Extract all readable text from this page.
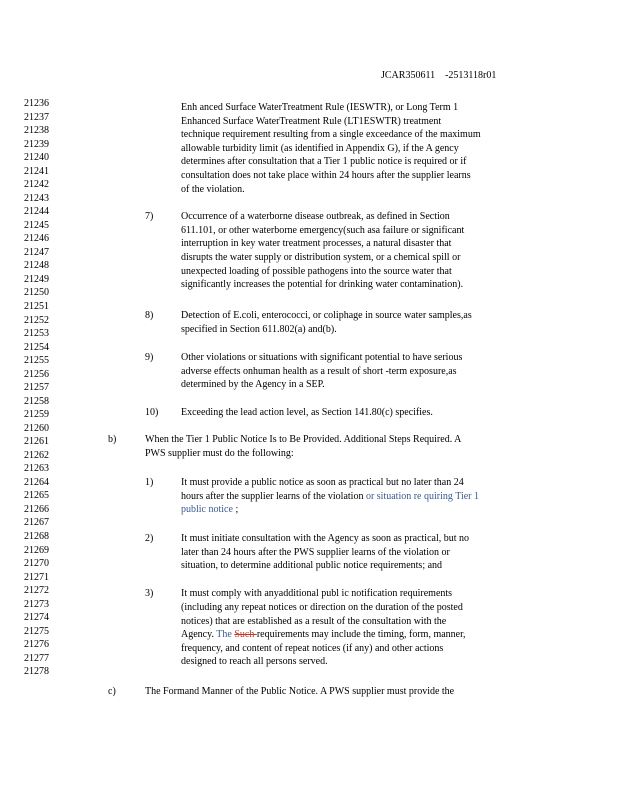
JCAR350611 -2513118r01
21236
21237
21238
21239
21240
21241
21242
21243
21244
21245
21246
21247
21248
21249
21250
21251
21252
21253
21254
21255
21256
21257
21258
21259
21260
21261
21262
21263
21264
21265
21266
21267
21268
21269
21270
21271
21272
21273
21274
21275
21276
21277
21278
Enh anced Surface WaterTreatment Rule (IESWTR), or Long Term 1
Enhanced Surface WaterTreatment Rule (LT1ESWTR) treatment
technique requirement resulting from a single exceedance of the maximum
allowable turbidity limit (as identified in Appendix G), if the A gency
determines after consultation that a Tier 1 public notice is required or if
consultation does not take place within 24 hours after the supplier learns
of the violation.
7)	Occurrence of a waterborne disease outbreak, as defined in Section
611.101, or other waterborne emergency(such asa failure or significant
interruption in key water treatment processes, a natural disaster that
disrupts the water supply or distribution system, or a chemical spill or
unexpected loading of possible pathogens into the source water that
significantly increases the potential for drinking water contamination).
8)	Detection of E.coli, enterococci, or coliphage in source water samples,as
specified in Section 611.802(a) and(b).
9)	Other violations or situations with significant potential to have serious
adverse effects onhuman health as a result of short -term exposure,as
determined by the Agency in a SEP.
10) Exceeding the lead action level, as Section 141.80(c) specifies.
b)	When the Tier 1 Public Notice Is to Be Provided. Additional Steps Required. A
PWS supplier must do the following:
1)	It must provide a public notice as soon as practical but no later than 24
hours after the supplier learns of the violation or situation re quiring Tier 1
public notice ;
2)	It must initiate consultation with the Agency as soon as practical, but no
later than 24 hours after the PWS supplier learns of the violation or
situation, to determine additional public notice requirements; and
3)	It must comply with anyadditional publ ic notification requirements
(including any repeat notices or direction on the duration of the posted
notices) that are established as a result of the consultation with the
Agency. The Such requirements may include the timing, form, manner,
frequency, and content of repeat notices (if any) and other actions
designed to reach all persons served.
c)	The Formand Manner of the Public Notice. A PWS supplier must provide the
